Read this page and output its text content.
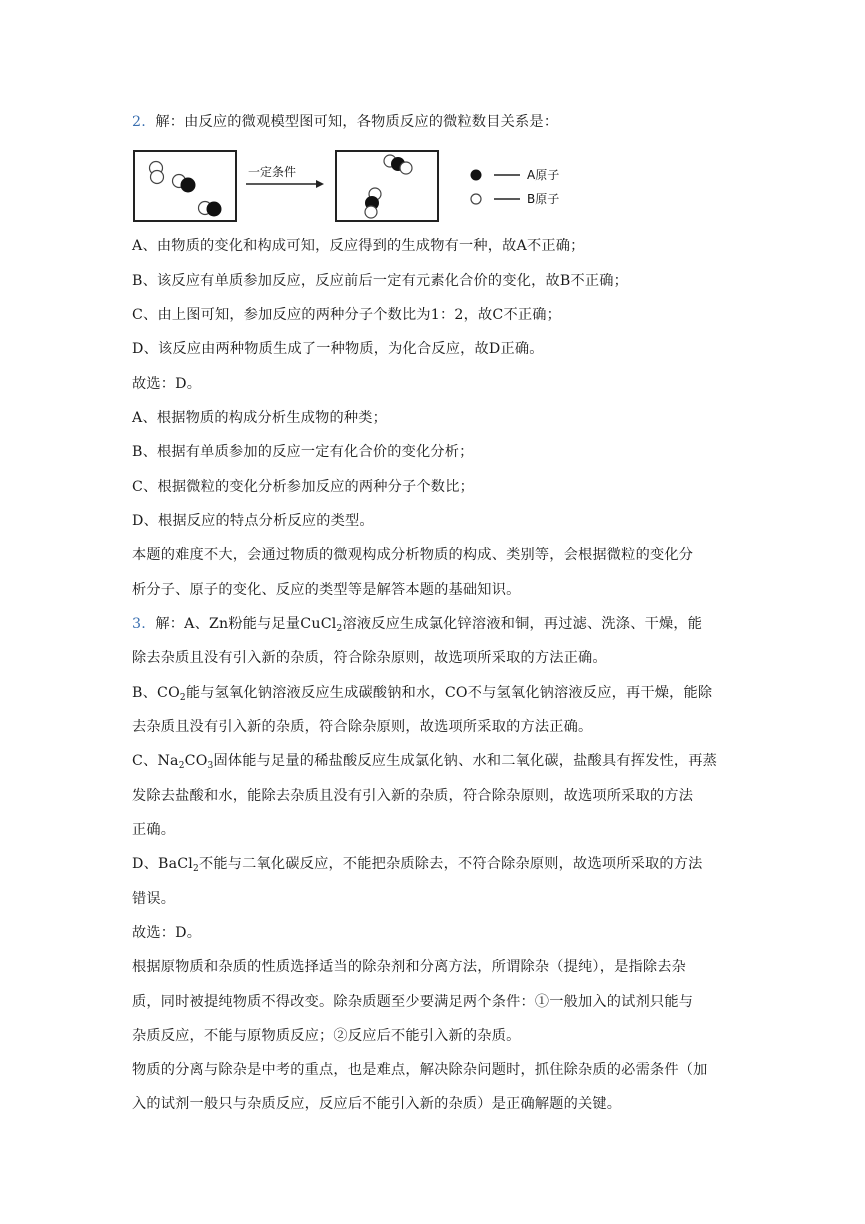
2. 解：由反应的微观模型图可知，各物质反应的微粒数目关系是：
一定条件	A原子
B原子
A、由物质的变化和构成可知，反应得到的生成物有一种，故A不正确；
B、该反应有单质参加反应，反应前后一定有元素化合价的变化，故B不正确；
C、由上图可知，参加反应的两种分子个数比为1：2，故C不正确；
D、该反应由两种物质生成了一种物质，为化合反应，故D正确。
故选：D。
A、根据物质的构成分析生成物的种类；
B、根据有单质参加的反应一定有化合价的变化分析；
C、根据微粒的变化分析参加反应的两种分子个数比；
D、根据反应的特点分析反应的类型。
本题的难度不大，会通过物质的微观构成分析物质的构成、类别等，会根据微粒的变化分
析分子、原子的变化、反应的类型等是解答本题的基础知识。
3. 解：A、Zn粉能与足量CuCl$_2$溶液反应生成氯化锌溶液和铜，再过滤、洗涤、干燥，能
除去杂质且没有引入新的杂质，符合除杂原则，故选项所采取的方法正确。
B、$CO_2$能与氢氧化钠溶液反应生成碳酸钠和水，CO不与氢氧化钠溶液反应，再干燥，能除
去杂质且没有引入新的杂质，符合除杂原则，故选项所采取的方法正确。
C、$Na_2CO_3$固体能与足量的稀盐酸反应生成氯化钠、水和二氧化碳，盐酸具有挥发性，再蒸
发除去盐酸和水，能除去杂质且没有引入新的杂质，符合除杂原则，故选项所采取的方法
正确。
D、BaCl$_2$不能与二氧化碳反应，不能把杂质除去，不符合除杂原则，故选项所采取的方法
错误。
故选：D。
根据原物质和杂质的性质选择适当的除杂剂和分离方法，所谓除杂（提纯），是指除去杂
质，同时被提纯物质不得改变。除杂质题至少要满足两个条件：①一般加入的试剂只能与
杂质反应，不能与原物质反应；②反应后不能引入新的杂质。
物质的分离与除杂是中考的重点，也是难点，解决除杂问题时，抓住除杂质的必需条件（加
入的试剂一般只与杂质反应，反应后不能引入新的杂质）是正确解题的关键。
